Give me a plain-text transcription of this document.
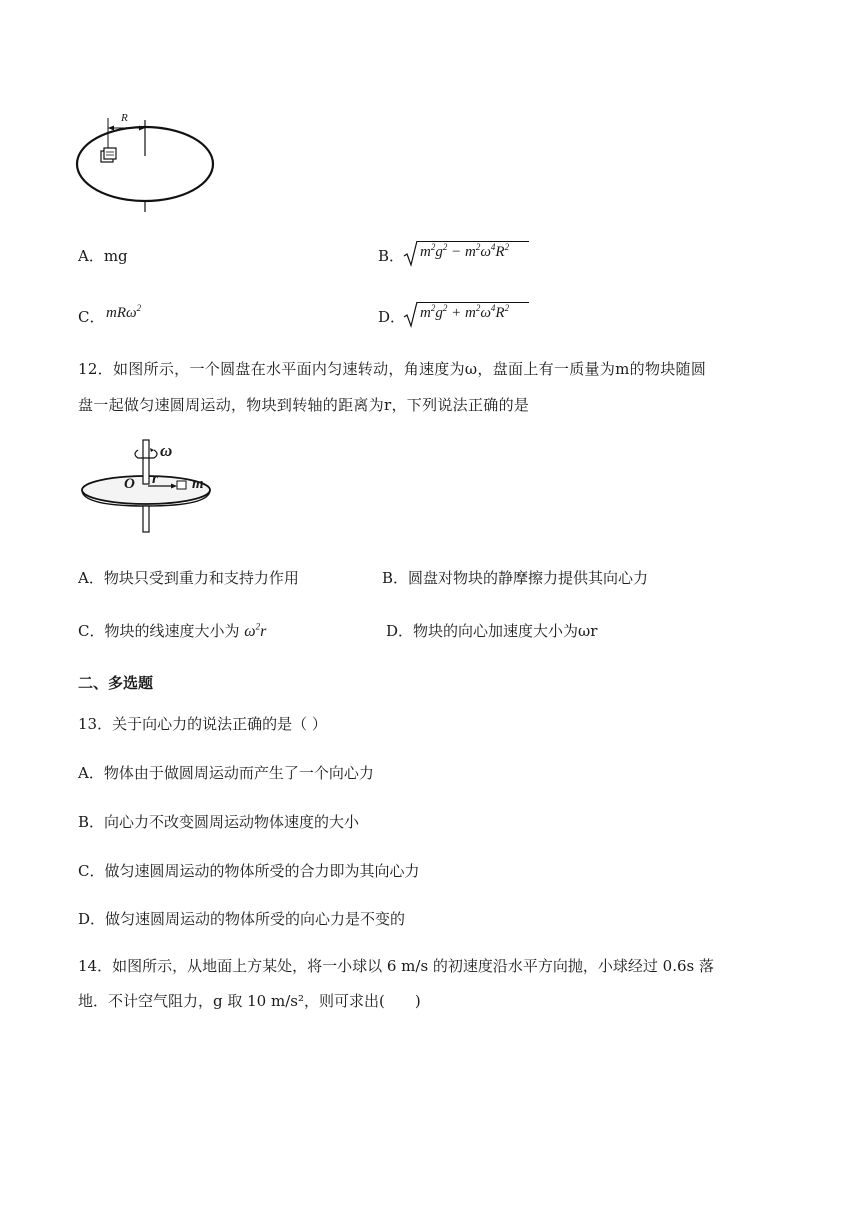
R
A．mg	B． $m^2g^2 - m^2\omega^4R^2$
C． mRω$^2$	D． $m^2g^2 + m^2\omega^4R^2$
12．如图所示，一个圆盘在水平面内匀速转动，角速度为ω，盘面上有一质量为m的物块随圆
盘一起做匀速圆周运动，物块到转轴的距离为r，下列说法正确的是
ω
O r m
A．物块只受到重力和支持力作用	B．圆盘对物块的静摩擦力提供其向心力
C．物块的线速度大小为 $\omega^2r$	D．物块的向心加速度大小为ωr
二、多选题
13．关于向心力的说法正确的是（ ）
A．物体由于做圆周运动而产生了一个向心力
B．向心力不改变圆周运动物体速度的大小
C．做匀速圆周运动的物体所受的合力即为其向心力
D．做匀速圆周运动的物体所受的向心力是不变的
14．如图所示，从地面上方某处，将一小球以 6 m/s 的初速度沿水平方向抛，小球经过 0.6s 落
地．不计空气阻力，g 取 10 m/s²，则可求出(　　)
